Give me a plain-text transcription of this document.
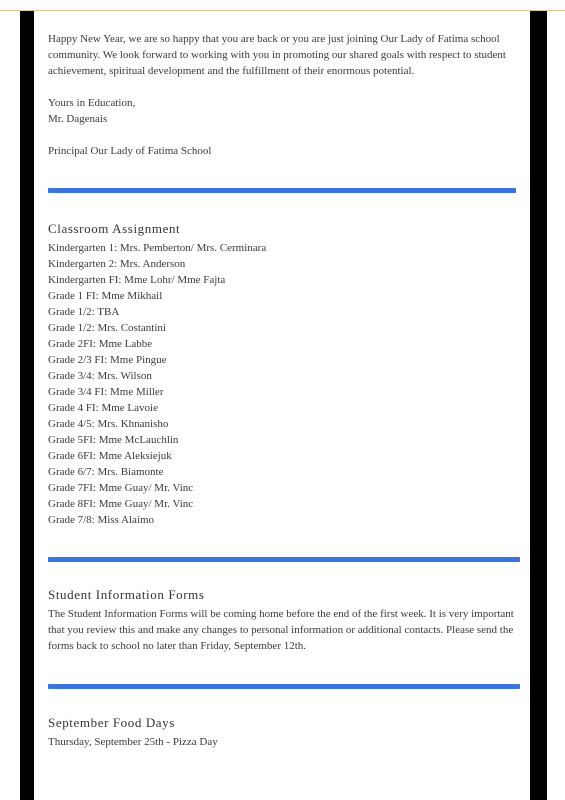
Happy New Year, we are so happy that you are back or you are just joining Our Lady of Fatima school community. We look forward to working with you in promoting our shared goals with respect to student achievement, spiritual development and the fulfillment of their enormous potential.

Yours in Education,

Mr. Dagenais

Principal Our Lady of Fatima School

Classroom Assignment
Kindergarten 1: Mrs. Pemberton/ Mrs. Cerminara
Kindergarten 2: Mrs. Anderson
Kindergarten FI: Mme Lohr/ Mme Fajta
Grade 1 FI: Mme Mikhail
Grade 1/2: TBA
Grade 1/2: Mrs. Costantini
Grade 2FI: Mme Labbe
Grade 2/3 FI: Mme Pingue
Grade 3/4: Mrs. Wilson
Grade 3/4 FI: Mme Miller
Grade 4 FI: Mme Lavoie
Grade 4/5: Mrs. Khnanisho
Grade 5FI: Mme McLauchlin
Grade 6FI: Mme Aleksiejuk
Grade 6/7: Mrs. Biamonte
Grade 7FI: Mme Guay/ Mr. Vinc
Grade 8FI: Mme Guay/ Mr. Vinc
Grade 7/8: Miss Alaimo
Student Information Forms

The Student Information Forms will be coming home before the end of the first week. It is very important that you review this and make any changes to personal information or additional contacts. Please send the forms back to school no later than Friday, September 12th.

September Food Days

Thursday, September 25th - Pizza Day
